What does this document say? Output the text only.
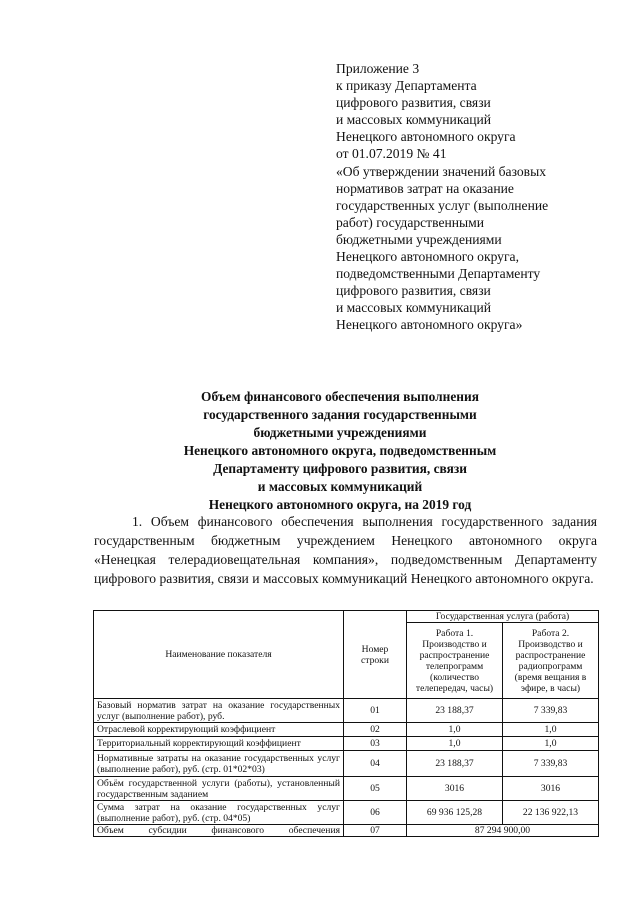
Приложение 3
к приказу Департамента
цифрового развития, связи
и массовых коммуникаций
Ненецкого автономного округа
от 01.07.2019 № 41
«Об утверждении значений базовых
нормативов затрат на оказание
государственных услуг (выполнение
работ) государственными
бюджетными учреждениями
Ненецкого автономного округа,
подведомственными Департаменту
цифрового развития, связи
и массовых коммуникаций
Ненецкого автономного округа»
Объем финансового обеспечения выполнения
государственного задания государственными
бюджетными учреждениями
Ненецкого автономного округа, подведомственным
Департаменту цифрового развития, связи
и массовых коммуникаций
Ненецкого автономного округа, на 2019 год
1. Объем финансового обеспечения выполнения государственного задания государственным бюджетным учреждением Ненецкого автономного округа «Ненецкая телерадиовещательная компания», подведомственным Департаменту цифрового развития, связи и массовых коммуникаций Ненецкого автономного округа.
Наименование показателя	Номер строки	Государственная услуга (работа)	
		Работа 1. Производство и распространение телепрограмм (количество телепередач, часы)	Работа 2. Производство и распространение радиопрограмм (время вещания в эфире, в часы)
Базовый норматив затрат на оказание государственных услуг (выполнение работ), руб.	01	23 188,37	7 339,83
Отраслевой корректирующий коэффициент	02	1,0	1,0
Территориальный корректирующий коэффициент	03	1,0	1,0
Нормативные затраты на оказание государственных услуг (выполнение работ), руб. (стр. 01*02*03)	04	23 188,37	7 339,83
Объём государственной услуги (работы), установленный государственным заданием	05	3016	3016
Сумма затрат на оказание государственных услуг (выполнение работ), руб. (стр. 04*05)	06	69 936 125,28	22 136 922,13
Объем субсидии финансового обеспечения	07	87 294 900,00	
